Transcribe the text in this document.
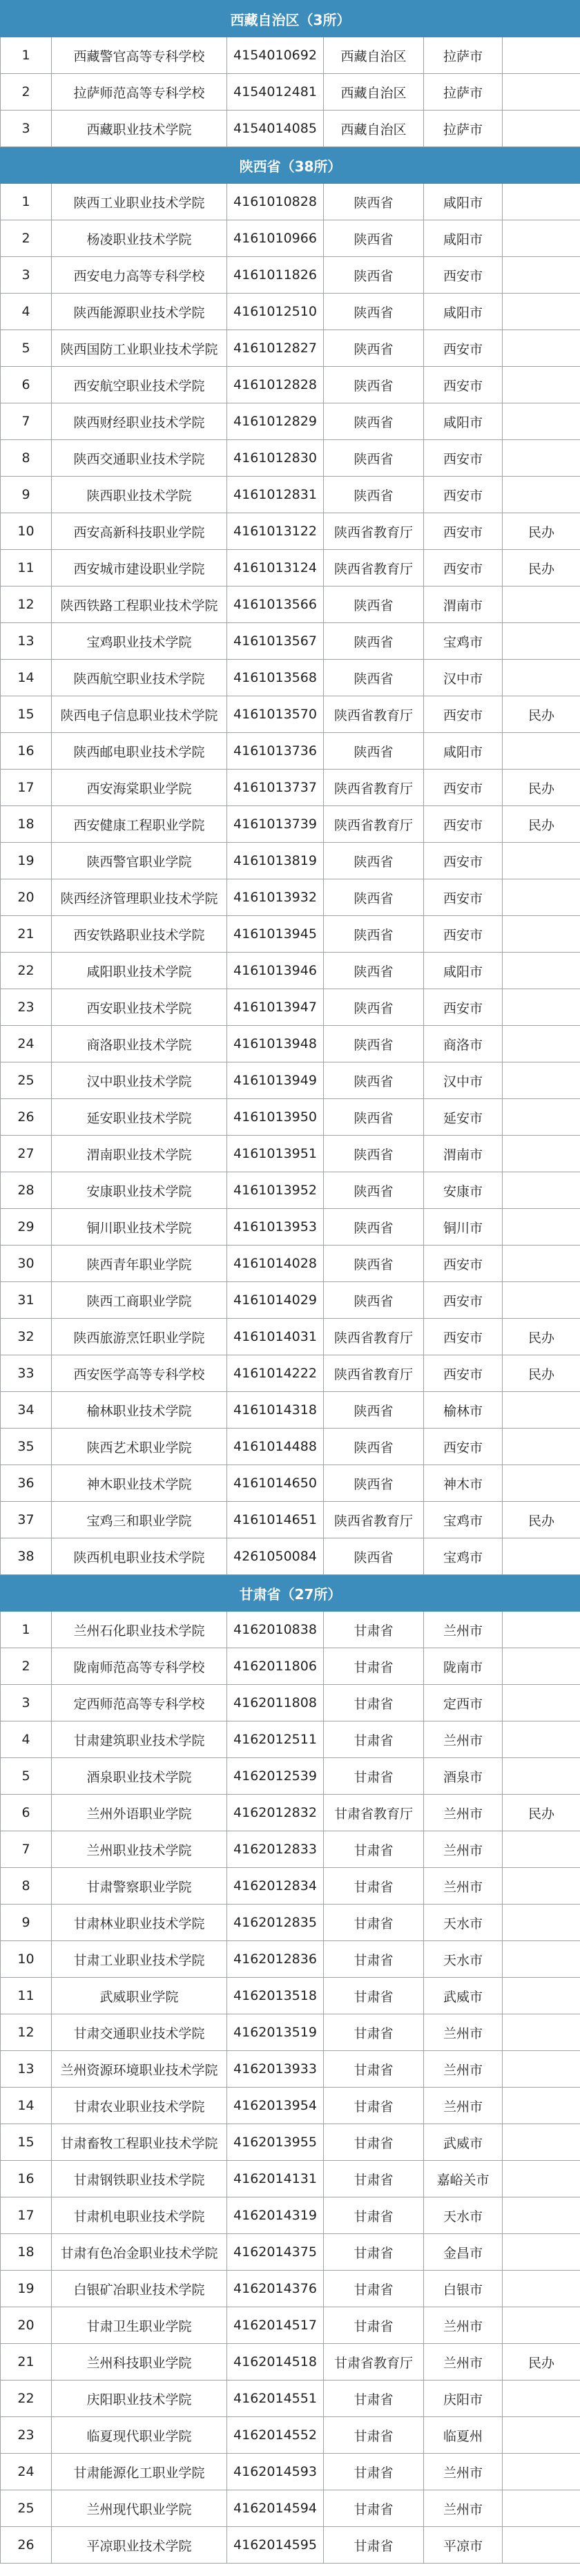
西藏自治区（3所）					
1	西藏警官高等专科学校	4154010692	西藏自治区	拉萨市	
2	拉萨师范高等专科学校	4154012481	西藏自治区	拉萨市	
3	西藏职业技术学院	4154014085	西藏自治区	拉萨市	
陕西省（38所）					
1	陕西工业职业技术学院	4161010828	陕西省	咸阳市	
2	杨凌职业技术学院	4161010966	陕西省	咸阳市	
3	西安电力高等专科学校	4161011826	陕西省	西安市	
4	陕西能源职业技术学院	4161012510	陕西省	咸阳市	
5	陕西国防工业职业技术学院	4161012827	陕西省	西安市	
6	西安航空职业技术学院	4161012828	陕西省	西安市	
7	陕西财经职业技术学院	4161012829	陕西省	咸阳市	
8	陕西交通职业技术学院	4161012830	陕西省	西安市	
9	陕西职业技术学院	4161012831	陕西省	西安市	
10	西安高新科技职业学院	4161013122	陕西省教育厅	西安市	民办
11	西安城市建设职业学院	4161013124	陕西省教育厅	西安市	民办
12	陕西铁路工程职业技术学院	4161013566	陕西省	渭南市	
13	宝鸡职业技术学院	4161013567	陕西省	宝鸡市	
14	陕西航空职业技术学院	4161013568	陕西省	汉中市	
15	陕西电子信息职业技术学院	4161013570	陕西省教育厅	西安市	民办
16	陕西邮电职业技术学院	4161013736	陕西省	咸阳市	
17	西安海棠职业学院	4161013737	陕西省教育厅	西安市	民办
18	西安健康工程职业学院	4161013739	陕西省教育厅	西安市	民办
19	陕西警官职业学院	4161013819	陕西省	西安市	
20	陕西经济管理职业技术学院	4161013932	陕西省	西安市	
21	西安铁路职业技术学院	4161013945	陕西省	西安市	
22	咸阳职业技术学院	4161013946	陕西省	咸阳市	
23	西安职业技术学院	4161013947	陕西省	西安市	
24	商洛职业技术学院	4161013948	陕西省	商洛市	
25	汉中职业技术学院	4161013949	陕西省	汉中市	
26	延安职业技术学院	4161013950	陕西省	延安市	
27	渭南职业技术学院	4161013951	陕西省	渭南市	
28	安康职业技术学院	4161013952	陕西省	安康市	
29	铜川职业技术学院	4161013953	陕西省	铜川市	
30	陕西青年职业学院	4161014028	陕西省	西安市	
31	陕西工商职业学院	4161014029	陕西省	西安市	
32	陕西旅游烹饪职业学院	4161014031	陕西省教育厅	西安市	民办
33	西安医学高等专科学校	4161014222	陕西省教育厅	西安市	民办
34	榆林职业技术学院	4161014318	陕西省	榆林市	
35	陕西艺术职业学院	4161014488	陕西省	西安市	
36	神木职业技术学院	4161014650	陕西省	神木市	
37	宝鸡三和职业学院	4161014651	陕西省教育厅	宝鸡市	民办
38	陕西机电职业技术学院	4261050084	陕西省	宝鸡市	
甘肃省（27所）					
1	兰州石化职业技术学院	4162010838	甘肃省	兰州市	
2	陇南师范高等专科学校	4162011806	甘肃省	陇南市	
3	定西师范高等专科学校	4162011808	甘肃省	定西市	
4	甘肃建筑职业技术学院	4162012511	甘肃省	兰州市	
5	酒泉职业技术学院	4162012539	甘肃省	酒泉市	
6	兰州外语职业学院	4162012832	甘肃省教育厅	兰州市	民办
7	兰州职业技术学院	4162012833	甘肃省	兰州市	
8	甘肃警察职业学院	4162012834	甘肃省	兰州市	
9	甘肃林业职业技术学院	4162012835	甘肃省	天水市	
10	甘肃工业职业技术学院	4162012836	甘肃省	天水市	
11	武威职业学院	4162013518	甘肃省	武威市	
12	甘肃交通职业技术学院	4162013519	甘肃省	兰州市	
13	兰州资源环境职业技术学院	4162013933	甘肃省	兰州市	
14	甘肃农业职业技术学院	4162013954	甘肃省	兰州市	
15	甘肃畜牧工程职业技术学院	4162013955	甘肃省	武威市	
16	甘肃钢铁职业技术学院	4162014131	甘肃省	嘉峪关市	
17	甘肃机电职业技术学院	4162014319	甘肃省	天水市	
18	甘肃有色冶金职业技术学院	4162014375	甘肃省	金昌市	
19	白银矿冶职业技术学院	4162014376	甘肃省	白银市	
20	甘肃卫生职业学院	4162014517	甘肃省	兰州市	
21	兰州科技职业学院	4162014518	甘肃省教育厅	兰州市	民办
22	庆阳职业技术学院	4162014551	甘肃省	庆阳市	
23	临夏现代职业学院	4162014552	甘肃省	临夏州	
24	甘肃能源化工职业学院	4162014593	甘肃省	兰州市	
25	兰州现代职业学院	4162014594	甘肃省	兰州市	
26	平凉职业技术学院	4162014595	甘肃省	平凉市	
